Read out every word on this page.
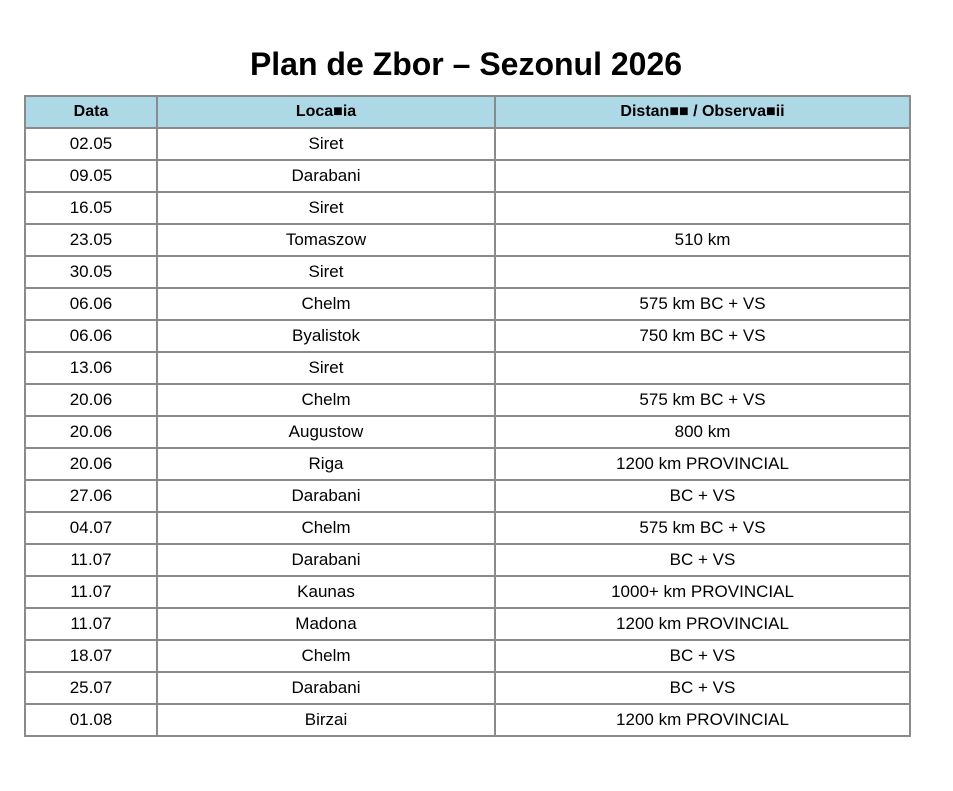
Plan de Zbor – Sezonul 2026
Data	Loca■ia	Distan■■ / Observa■ii
02.05	Siret	
09.05	Darabani	
16.05	Siret	
23.05	Tomaszow	510 km
30.05	Siret	
06.06	Chelm	575 km BC + VS
06.06	Byalistok	750 km BC + VS
13.06	Siret	
20.06	Chelm	575 km BC + VS
20.06	Augustow	800 km
20.06	Riga	1200 km PROVINCIAL
27.06	Darabani	BC + VS
04.07	Chelm	575 km BC + VS
11.07	Darabani	BC + VS
11.07	Kaunas	1000+ km PROVINCIAL
11.07	Madona	1200 km PROVINCIAL
18.07	Chelm	BC + VS
25.07	Darabani	BC + VS
01.08	Birzai	1200 km PROVINCIAL
